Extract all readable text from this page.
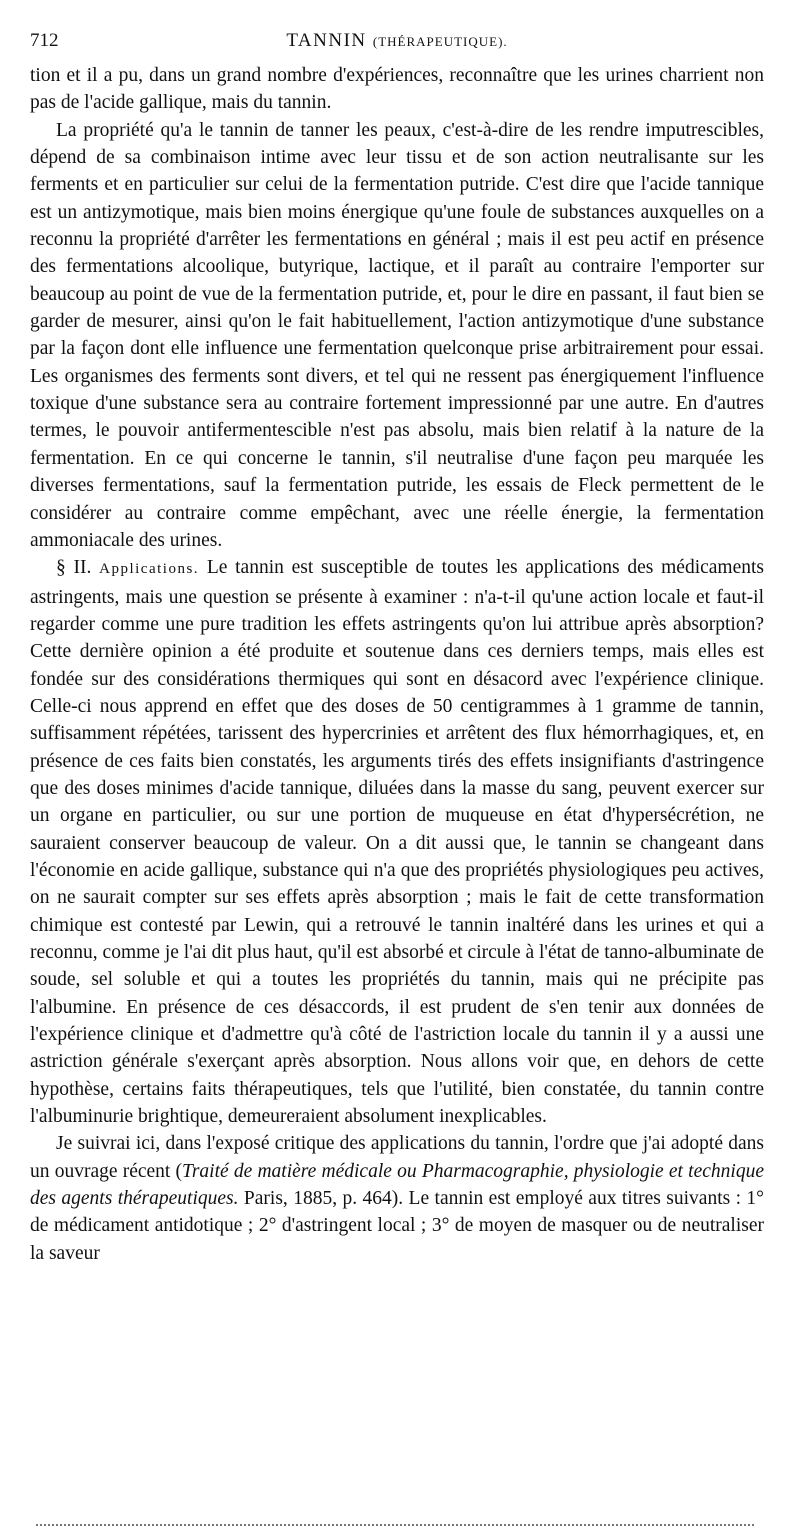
712	TANNIN (THÉRAPEUTIQUE).

tion et il a pu, dans un grand nombre d'expériences, reconnaître que les urines charrient non pas de l'acide gallique, mais du tannin.

La propriété qu'a le tannin de tanner les peaux, c'est-à-dire de les rendre imputrescibles, dépend de sa combinaison intime avec leur tissu et de son action neutralisante sur les ferments et en particulier sur celui de la fermentation putride. C'est dire que l'acide tannique est un antizymotique, mais bien moins énergique qu'une foule de substances auxquelles on a reconnu la propriété d'arrêter les fermentations en général ; mais il est peu actif en présence des fermentations alcoolique, butyrique, lactique, et il paraît au contraire l'emporter sur beaucoup au point de vue de la fermentation putride, et, pour le dire en passant, il faut bien se garder de mesurer, ainsi qu'on le fait habituellement, l'action antizymotique d'une substance par la façon dont elle influence une fermentation quelconque prise arbitrairement pour essai. Les organismes des ferments sont divers, et tel qui ne ressent pas énergiquement l'influence toxique d'une substance sera au contraire fortement impressionné par une autre. En d'autres termes, le pouvoir antifermentescible n'est pas absolu, mais bien relatif à la nature de la fermentation. En ce qui concerne le tannin, s'il neutralise d'une façon peu marquée les diverses fermentations, sauf la fermentation putride, les essais de Fleck permettent de le considérer au contraire comme empêchant, avec une réelle énergie, la fermentation ammoniacale des urines.

§ II. Applications. Le tannin est susceptible de toutes les applications des médicaments astringents, mais une question se présente à examiner : n'a-t-il qu'une action locale et faut-il regarder comme une pure tradition les effets astringents qu'on lui attribue après absorption? Cette dernière opinion a été produite et soutenue dans ces derniers temps, mais elles est fondée sur des considérations thermiques qui sont en désacord avec l'expérience clinique. Celle-ci nous apprend en effet que des doses de 50 centigrammes à 1 gramme de tannin, suffisamment répétées, tarissent des hypercrinies et arrêtent des flux hémorrhagiques, et, en présence de ces faits bien constatés, les arguments tirés des effets insignifiants d'astringence que des doses minimes d'acide tannique, diluées dans la masse du sang, peuvent exercer sur un organe en particulier, ou sur une portion de muqueuse en état d'hypersécrétion, ne sauraient conserver beaucoup de valeur. On a dit aussi que, le tannin se changeant dans l'économie en acide gallique, substance qui n'a que des propriétés physiologiques peu actives, on ne saurait compter sur ses effets après absorption ; mais le fait de cette transformation chimique est contesté par Lewin, qui a retrouvé le tannin inaltéré dans les urines et qui a reconnu, comme je l'ai dit plus haut, qu'il est absorbé et circule à l'état de tanno-albuminate de soude, sel soluble et qui a toutes les propriétés du tannin, mais qui ne précipite pas l'albumine. En présence de ces désaccords, il est prudent de s'en tenir aux données de l'expérience clinique et d'admettre qu'à côté de l'astriction locale du tannin il y a aussi une astriction générale s'exerçant après absorption. Nous allons voir que, en dehors de cette hypothèse, certains faits thérapeutiques, tels que l'utilité, bien constatée, du tannin contre l'albuminurie brightique, demeureraient absolument inexplicables.

Je suivrai ici, dans l'exposé critique des applications du tannin, l'ordre que j'ai adopté dans un ouvrage récent (Traité de matière médicale ou Pharmacographie, physiologie et technique des agents thérapeutiques. Paris, 1885, p. 464). Le tannin est employé aux titres suivants : 1° de médicament antidotique ; 2° d'astringent local ; 3° de moyen de masquer ou de neutraliser la saveur
